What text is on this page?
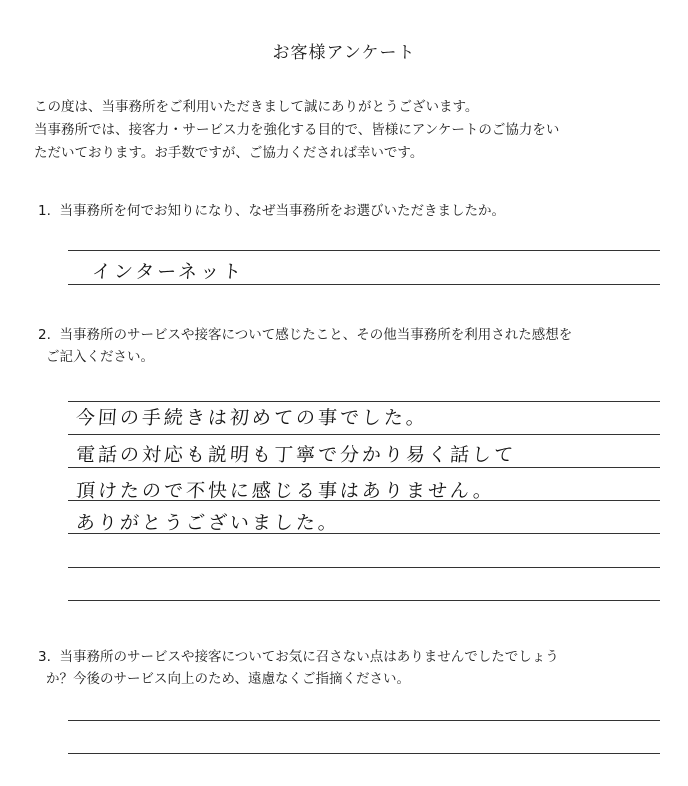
お客様アンケート
この度は、当事務所をご利用いただきまして誠にありがとうございます。
当事務所では、接客力・サービス力を強化する目的で、皆様にアンケートのご協力をい
ただいております。お手数ですが、ご協力くだされば幸いです。
1. 当事務所を何でお知りになり、なぜ当事務所をお選びいただきましたか。
インターネット
2. 当事務所のサービスや接客について感じたこと、その他当事務所を利用された感想を
ご記入ください。
今回の手続きは初めての事でした。
電話の対応も説明も丁寧で分かり易く話して
頂けたので不快に感じる事はありません。
ありがとうございました。
3. 当事務所のサービスや接客についてお気に召さない点はありませんでしたでしょう
か？今後のサービス向上のため、遠慮なくご指摘ください。
